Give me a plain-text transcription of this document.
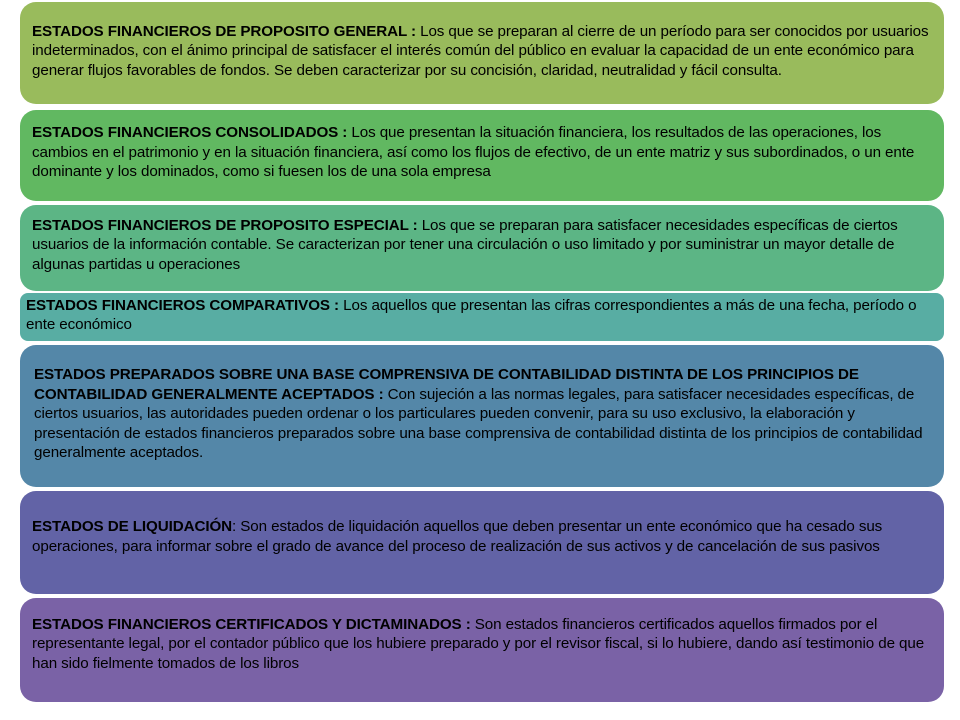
ESTADOS FINANCIEROS DE PROPOSITO GENERAL : Los que se preparan al cierre de un período para ser conocidos por usuarios indeterminados, con el ánimo principal de satisfacer el interés común del público en evaluar la capacidad de un ente económico para generar flujos favorables de fondos. Se deben caracterizar por su concisión, claridad, neutralidad y fácil consulta.

ESTADOS FINANCIEROS CONSOLIDADOS : Los que presentan la situación financiera, los resultados de las operaciones, los cambios en el patrimonio y en la situación financiera, así como los flujos de efectivo, de un ente matriz y sus subordinados, o un ente dominante y los dominados, como si fuesen los de una sola empresa

ESTADOS FINANCIEROS DE PROPOSITO ESPECIAL : Los que se preparan para satisfacer necesidades específicas de ciertos usuarios de la información contable. Se caracterizan por tener una circulación o uso limitado y por suministrar un mayor detalle de algunas partidas u operaciones

ESTADOS FINANCIEROS COMPARATIVOS : Los aquellos que presentan las cifras correspondientes a más de una fecha, período o ente económico

ESTADOS PREPARADOS SOBRE UNA BASE COMPRENSIVA DE CONTABILIDAD DISTINTA DE LOS PRINCIPIOS DE CONTABILIDAD GENERALMENTE ACEPTADOS : Con sujeción a las normas legales, para satisfacer necesidades específicas, de ciertos usuarios, las autoridades pueden ordenar o los particulares pueden convenir, para su uso exclusivo, la elaboración y presentación de estados financieros preparados sobre una base comprensiva de contabilidad distinta de los principios de contabilidad generalmente aceptados.

ESTADOS DE LIQUIDACIÓN: Son estados de liquidación aquellos que deben presentar un ente económico que ha cesado sus operaciones, para informar sobre el grado de avance del proceso de realización de sus activos y de cancelación de sus pasivos

ESTADOS FINANCIEROS CERTIFICADOS Y DICTAMINADOS : Son estados financieros certificados aquellos firmados por el representante legal, por el contador público que los hubiere preparado y por el revisor fiscal, si lo hubiere, dando así testimonio de que han sido fielmente tomados de los libros
